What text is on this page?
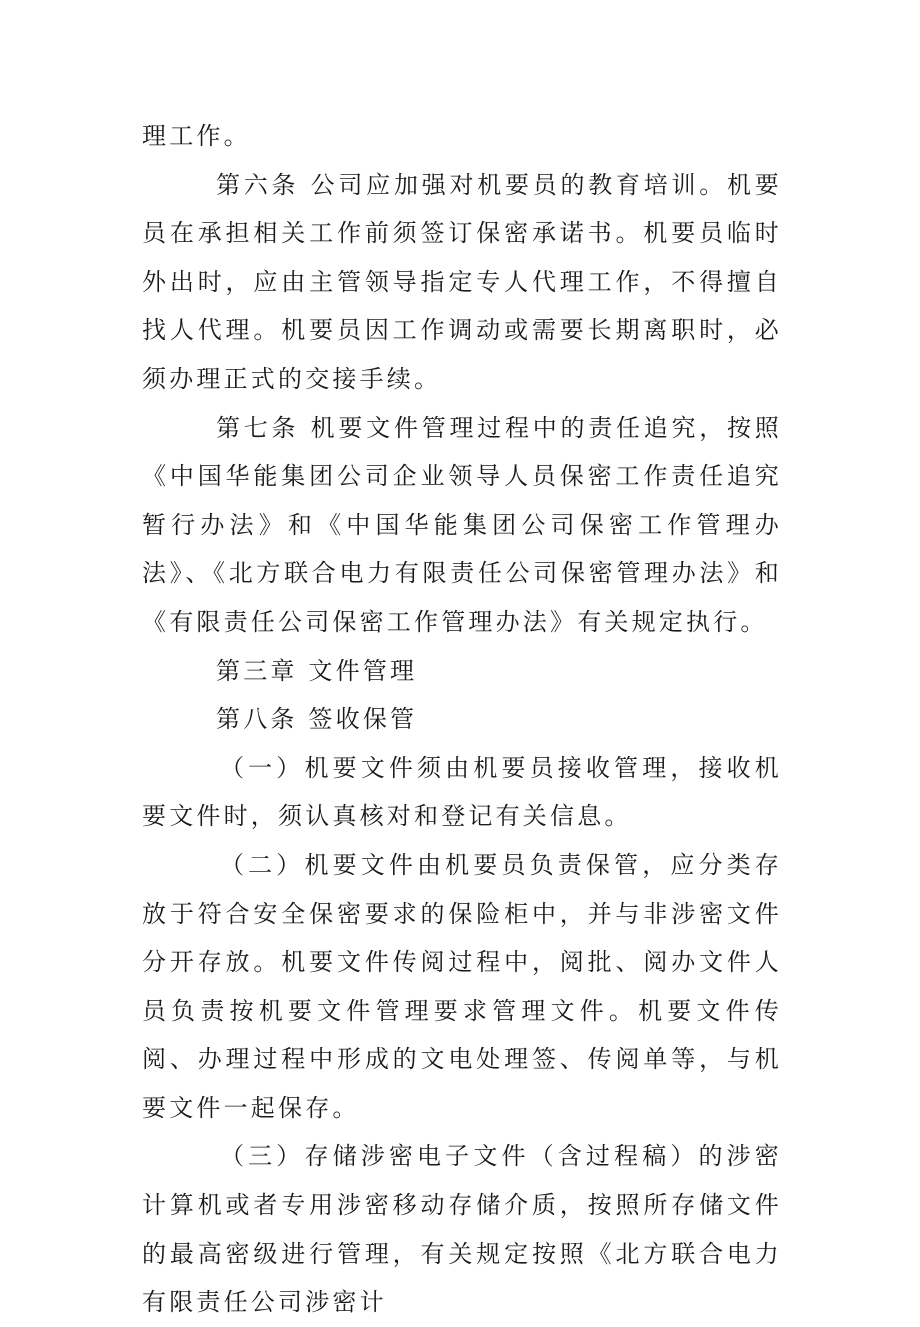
理工作。

第六条 公司应加强对机要员的教育培训。机要员在承担相关工作前须签订保密承诺书。机要员临时外出时，应由主管领导指定专人代理工作，不得擅自找人代理。机要员因工作调动或需要长期离职时，必须办理正式的交接手续。

第七条 机要文件管理过程中的责任追究，按照《中国华能集团公司企业领导人员保密工作责任追究暂行办法》和《中国华能集团公司保密工作管理办法》、《北方联合电力有限责任公司保密管理办法》和《有限责任公司保密工作管理办法》有关规定执行。

第三章 文件管理

第八条 签收保管

（一）机要文件须由机要员接收管理，接收机要文件时，须认真核对和登记有关信息。

（二）机要文件由机要员负责保管，应分类存放于符合安全保密要求的保险柜中，并与非涉密文件分开存放。机要文件传阅过程中，阅批、阅办文件人员负责按机要文件管理要求管理文件。机要文件传阅、办理过程中形成的文电处理签、传阅单等，与机要文件一起保存。

（三）存储涉密电子文件（含过程稿）的涉密计算机或者专用涉密移动存储介质，按照所存储文件的最高密级进行管理，有关规定按照《北方联合电力有限责任公司涉密计
